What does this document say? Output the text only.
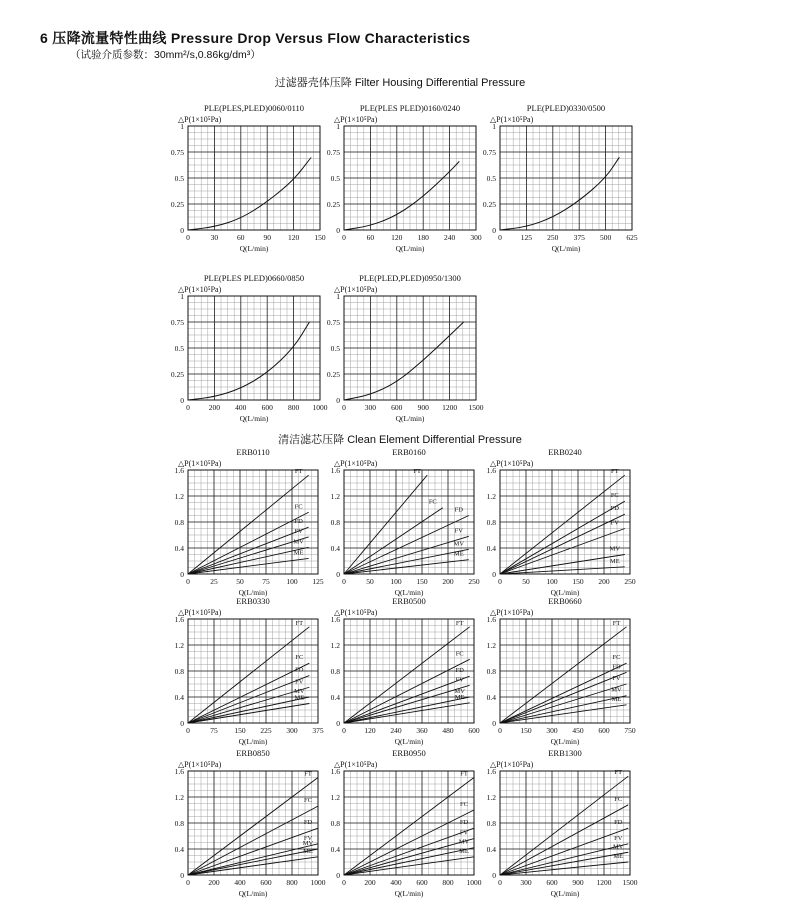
6 压降流量特性曲线 Pressure Drop Versus Flow Characteristics
（试验介质参数：30mm²/s,0.86kg/dm³）
过滤器壳体压降 Filter Housing Differential Pressure
清洁滤芯压降 Clean Element Differential Pressure
PLE(PLES,PLED)0060/0110
△P(1×10⁵Pa)
0	30	60	90 120 150
0.25
0.5
0.75
1
0
Q(L/min)
PLE(PLES PLED)0160/0240
△P(1×10⁵Pa)
0	60 120 180 240 300
0.25
0.5
0.75
1
0
Q(L/min)
PLE(PLED)0330/0500
△P(1×10⁵Pa)
0	125 250 375 500 625
0.25
0.5
0.75
1
0
Q(L/min)
PLE(PLES PLED)0660/0850
△P(1×10⁵Pa)
0	200 400 600 800 1000
0.25
0.5
0.75
1
0
Q(L/min)
PLE(PLED,PLED)0950/1300
△P(1×10⁵Pa)
0	300 600 900 1200 1500
0.25
0.5
0.75
1
0
Q(L/min)
ERB0110
△P(1×10⁵Pa)
0	25 50 75 100 125
0.4
0.8
1.2
1.6
0
Q(L/min)
FT
FC
FD
FV
MV
ME
ERB0160
△P(1×10⁵Pa)
0	50 100 150 200 250
0.4
0.8
1.2
1.6
0
Q(L/min)
FT
FC
FD
FV
MV
ME
ERB0240
△P(1×10⁵Pa)
0	50 100 150 200 250
0.4
0.8
1.2
1.6
0
Q(L/min)
FT
FC
FD
FV
MV
ME
ERB0330
△P(1×10⁵Pa)
0	75 150 225 300 375
0.4
0.8
1.2
1.6
0
Q(L/min)
FT
FC
FD
FV
MV
ME
ERB0500
△P(1×10⁵Pa)
0 120 240 360 480 600
0.4
0.8
1.2
1.6
0
Q(L/min)
FT
FC
FD
FV
MV
ME
ERB0660
△P(1×10⁵Pa)
0 150 300 450 600 750
0.4
0.8
1.2
1.6
0
Q(L/min)
FT
FC
FD
FV
MV
ME
ERB0850
△P(1×10⁵Pa)
0 200 400 600 800 1000
0.4
0.8
1.2
1.6
0
Q(L/min)
FT
FC
FD
FV
MV
ME
ERB0950
△P(1×10⁵Pa)
0 200 400 600 800 1000
0.4
0.8
1.2
1.6
0
Q(L/min)
FT
FC
FD
FV
MV
ME
ERB1300
△P(1×10⁵Pa)
0 300 600 900 1200 1500
0.4
0.8
1.2
1.6
0
Q(L/min)
FT
FC
FD
FV
MV
ME
